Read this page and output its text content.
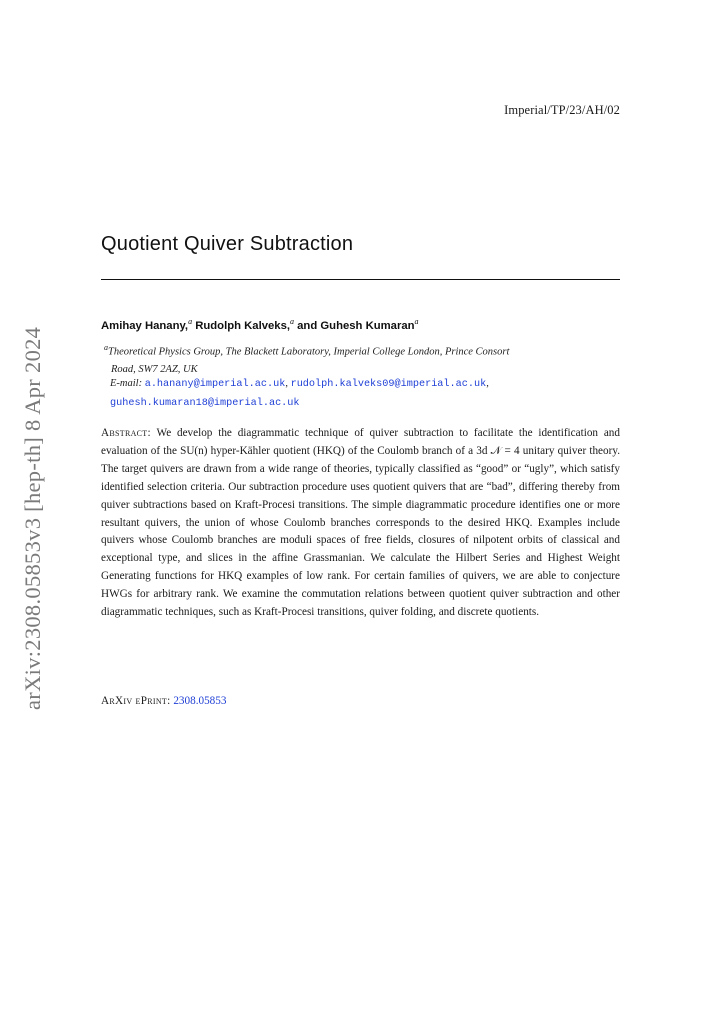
Imperial/TP/23/AH/02
arXiv:2308.05853v3 [hep-th] 8 Apr 2024
Quotient Quiver Subtraction
Amihay Hanany,$^a$ Rudolph Kalveks,$^a$ and Guhesh Kumaran$^a$
$^a$Theoretical Physics Group, The Blackett Laboratory, Imperial College London, Prince Consort
Road, SW7 2AZ, UK
E-mail: a.hanany@imperial.ac.uk, rudolph.kalveks09@imperial.ac.uk,
guhesh.kumaran18@imperial.ac.uk
Abstract: We develop the diagrammatic technique of quiver subtraction to facilitate the identification and evaluation of the SU(n) hyper-Kähler quotient (HKQ) of the Coulomb branch of a 3d 𝒩 = 4 unitary quiver theory. The target quivers are drawn from a wide range of theories, typically classified as “good” or “ugly”, which satisfy identified selection criteria. Our subtraction procedure uses quotient quivers that are “bad”, differing thereby from quiver subtractions based on Kraft-Procesi transitions. The simple diagrammatic procedure identifies one or more resultant quivers, the union of whose Coulomb branches corresponds to the desired HKQ. Examples include quivers whose Coulomb branches are moduli spaces of free fields, closures of nilpotent orbits of classical and exceptional type, and slices in the affine Grassmanian. We calculate the Hilbert Series and Highest Weight Generating functions for HKQ examples of low rank. For certain families of quivers, we are able to conjecture HWGs for arbitrary rank. We examine the commutation relations between quotient quiver subtraction and other diagrammatic techniques, such as Kraft-Procesi transitions, quiver folding, and discrete quotients.
ArXiv ePrint: 2308.05853
